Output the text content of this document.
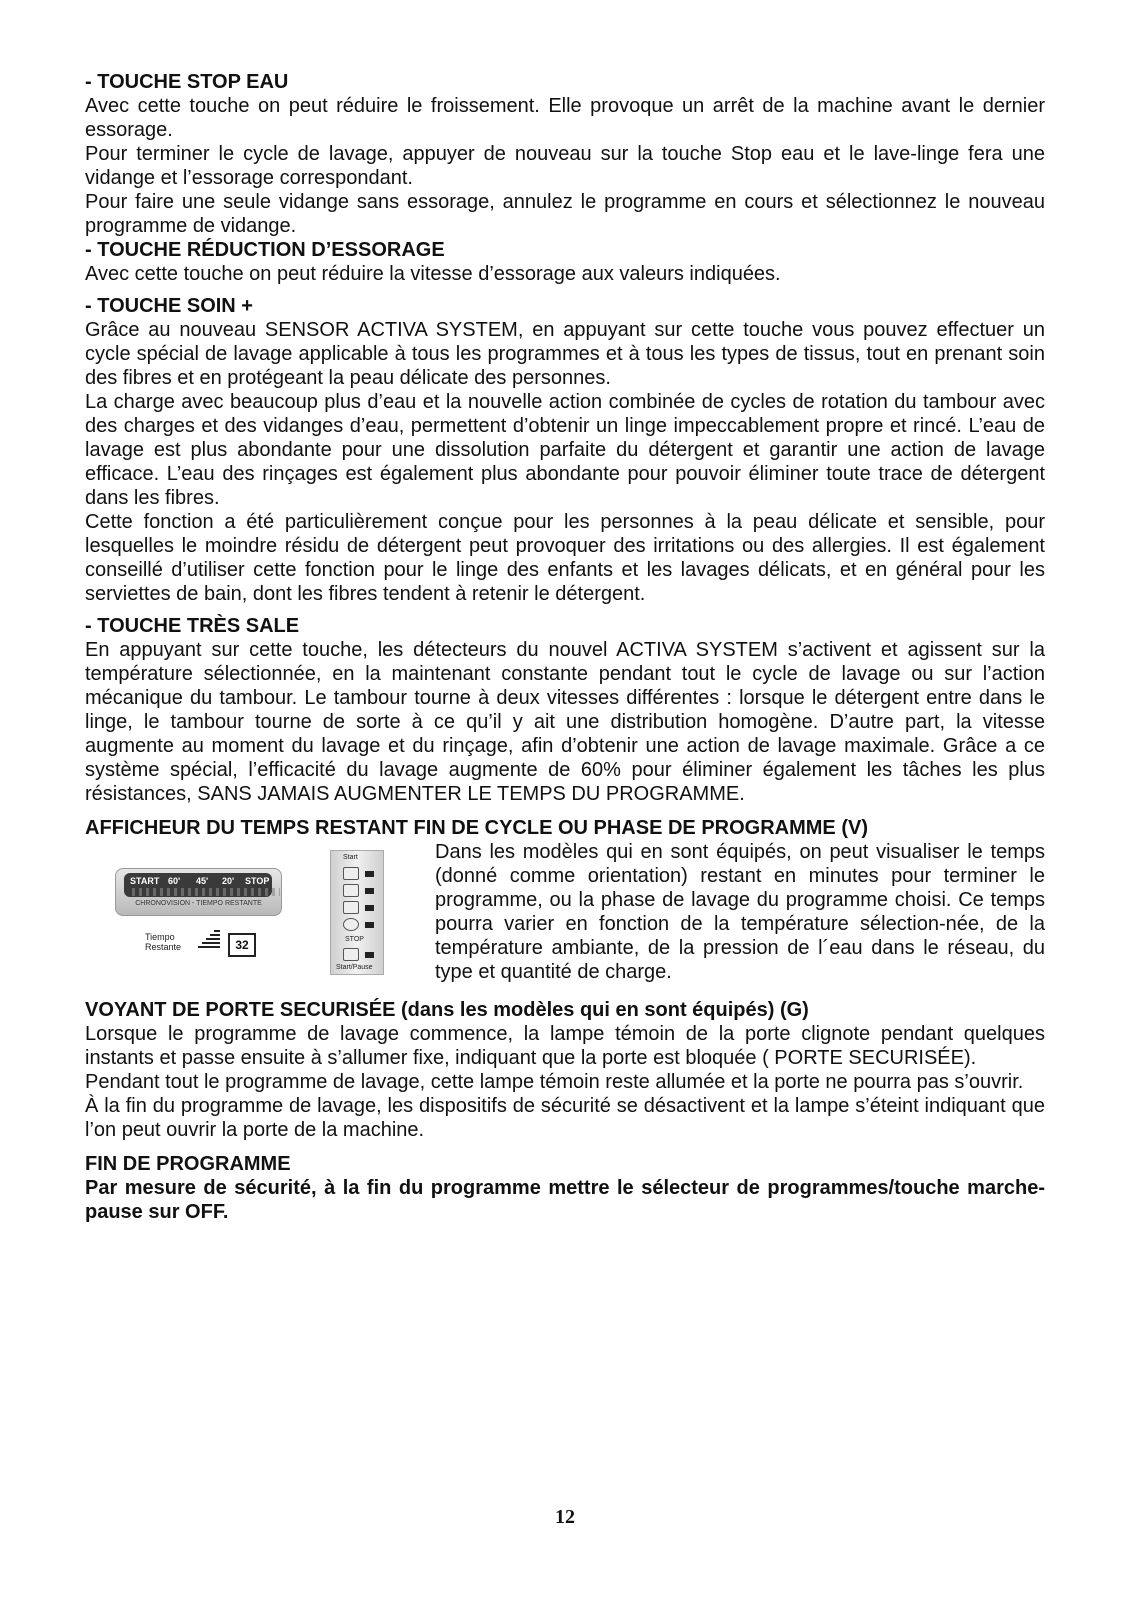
- TOUCHE STOP EAU

Avec cette touche on peut réduire le froissement. Elle provoque un arrêt de la machine avant le dernier essorage.

Pour terminer le cycle de lavage, appuyer de nouveau sur la touche Stop eau et le lave-linge fera une vidange et l’essorage correspondant.

Pour faire une seule vidange sans essorage, annulez le programme en cours et sélectionnez le nouveau programme de vidange.

- TOUCHE RÉDUCTION D’ESSORAGE

Avec cette touche on peut réduire la vitesse d’essorage aux valeurs indiquées.

- TOUCHE SOIN +

Grâce au nouveau SENSOR ACTIVA SYSTEM, en appuyant sur cette touche vous pouvez effectuer un cycle spécial de lavage applicable à tous les programmes et à tous les types de tissus, tout en prenant soin des fibres et en protégeant la peau délicate des personnes.

La charge avec beaucoup plus d’eau et la nouvelle action combinée de cycles de rotation du tambour avec des charges et des vidanges d’eau, permettent d’obtenir un linge impeccablement propre et rincé. L’eau de lavage est plus abondante pour une dissolution parfaite du détergent et garantir une action de lavage efficace. L’eau des rinçages est également plus abondante pour pouvoir éliminer toute trace de détergent dans les fibres.

Cette fonction a été particulièrement conçue pour les personnes à la peau délicate et sensible, pour lesquelles le moindre résidu de détergent peut provoquer des irritations ou des allergies. Il est également conseillé d’utiliser cette fonction pour le linge des enfants et les lavages délicats, et en général pour les serviettes de bain, dont les fibres tendent à retenir le détergent.

- TOUCHE TRÈS SALE

En appuyant sur cette touche, les détecteurs du nouvel ACTIVA SYSTEM s’activent et agissent sur la température sélectionnée, en la maintenant constante pendant tout le cycle de lavage ou sur l’action mécanique du tambour. Le tambour tourne à deux vitesses différentes : lorsque le détergent entre dans le linge, le tambour tourne de sorte à ce qu’il y ait une distribution homogène. D’autre part, la vitesse augmente au moment du lavage et du rinçage, afin d’obtenir une action de lavage maximale. Grâce a ce système spécial, l’efficacité du lavage augmente de 60% pour éliminer également les tâches les plus résistances, SANS JAMAIS AUGMENTER LE TEMPS DU PROGRAMME.

AFFICHEUR DU TEMPS RESTANT FIN DE CYCLE OU PHASE DE PROGRAMME (V)
START 60' 45' 20' STOP
CHRONOVISION - TIEMPO RESTANTE
Tiempo
Restante	32
Start
STOP
Start/Pause

Dans les modèles qui en sont équipés, on peut visualiser le temps (donné comme orientation) restant en minutes pour terminer le programme, ou la phase de lavage du programme choisi. Ce temps pourra varier en fonction de la température sélection-née, de la température ambiante, de la pression de l´eau dans le réseau, du type et quantité de charge.

VOYANT DE PORTE SECURISÉE (dans les modèles qui en sont équipés) (G)

Lorsque le programme de lavage commence, la lampe témoin de la porte clignote pendant quelques instants et passe ensuite à s’allumer fixe, indiquant que la porte est bloquée ( PORTE SECURISÉE).

Pendant tout le programme de lavage, cette lampe témoin reste allumée et la porte ne pourra pas s’ouvrir.

À la fin du programme de lavage, les dispositifs de sécurité se désactivent et la lampe s’éteint indiquant que l’on peut ouvrir la porte de la machine.

FIN DE PROGRAMME

Par mesure de sécurité, à la fin du programme mettre le sélecteur de programmes/touche marche-pause sur OFF.

12
